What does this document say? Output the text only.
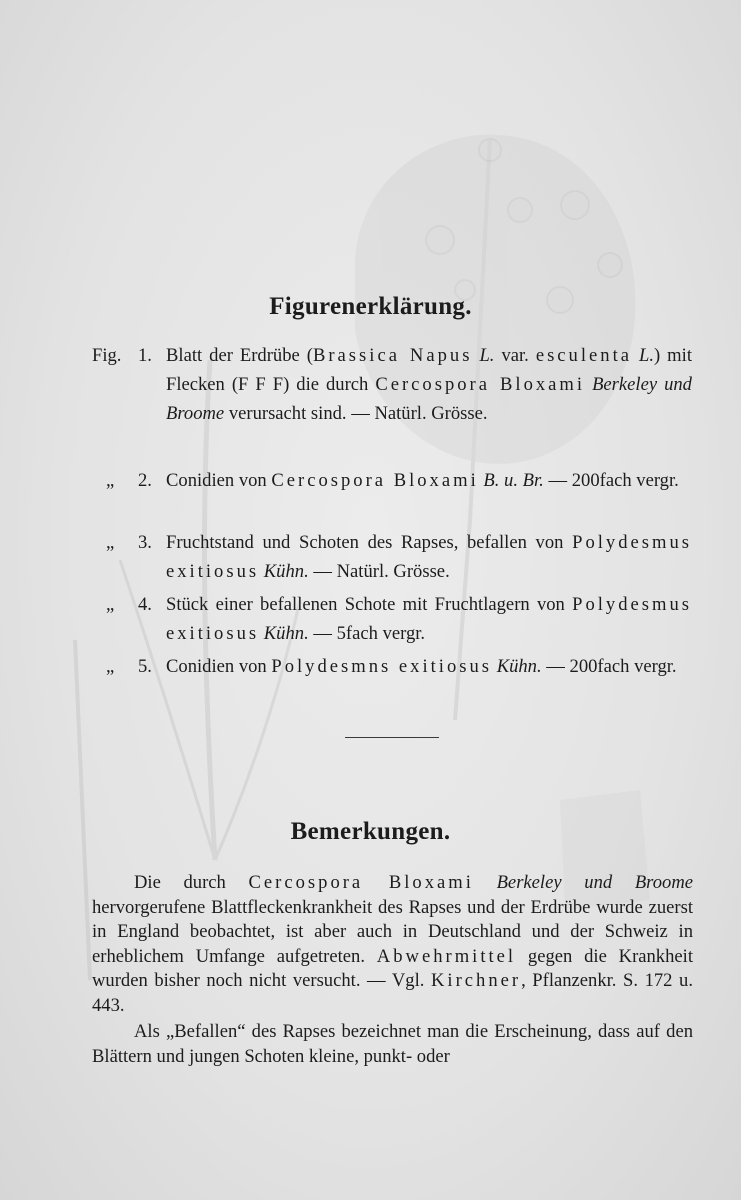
Figurenerklärung.
Fig. 1. Blatt der Erdrübe (Brassica Napus L. var. esculenta L.) mit Flecken (F F F) die durch Cercospora Bloxami Berkeley und Broome verursacht sind. — Natürl. Grösse.
„	2. Conidien von Cercospora Bloxami B. u. Br. — 200fach vergr.
„	3. Fruchtstand und Schoten des Rapses, befallen von Polydesmus exitiosus Kühn. — Natürl. Grösse.
„	4. Stück einer befallenen Schote mit Fruchtlagern von Polydesmus exitiosus Kühn. — 5fach vergr.
„	5. Conidien von Polydesmns exitiosus Kühn. — 200fach vergr.
Bemerkungen.
Die durch Cercospora Bloxami Berkeley und Broome hervorgerufene Blattfleckenkrankheit des Rapses und der Erdrübe wurde zuerst in England beobachtet, ist aber auch in Deutschland und der Schweiz in erheblichem Umfange aufgetreten. Abwehrmittel gegen die Krankheit wurden bisher noch nicht versucht. — Vgl. Kirchner, Pflanzenkr. S. 172 u. 443.
Als „Befallen“ des Rapses bezeichnet man die Erscheinung, dass auf den Blättern und jungen Schoten kleine, punkt- oder
